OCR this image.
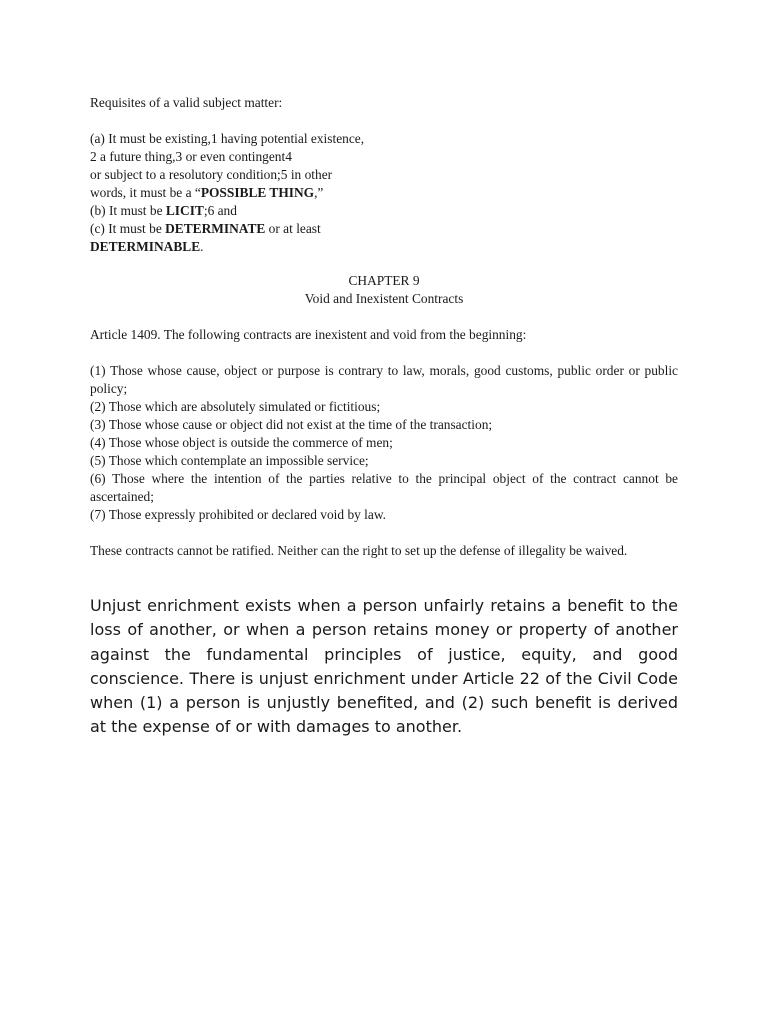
Requisites of a valid subject matter:
(a) It must be existing,1 having potential existence,
2 a future thing,3 or even contingent4
or subject to a resolutory condition;5 in other
words, it must be a “POSSIBLE THING,”
(b) It must be LICIT;6 and
(c) It must be DETERMINATE or at least
DETERMINABLE.
CHAPTER 9
Void and Inexistent Contracts
Article 1409. The following contracts are inexistent and void from the beginning:
(1) Those whose cause, object or purpose is contrary to law, morals, good customs, public order or public policy;
(2) Those which are absolutely simulated or fictitious;
(3) Those whose cause or object did not exist at the time of the transaction;
(4) Those whose object is outside the commerce of men;
(5) Those which contemplate an impossible service;
(6) Those where the intention of the parties relative to the principal object of the contract cannot be ascertained;
(7) Those expressly prohibited or declared void by law.
These contracts cannot be ratified. Neither can the right to set up the defense of illegality be waived.
Unjust enrichment exists when a person unfairly retains a benefit to the loss of another, or when a person retains money or property of another against the fundamental principles of justice, equity, and good conscience. There is unjust enrichment under Article 22 of the Civil Code when (1) a person is unjustly benefited, and (2) such benefit is derived at the expense of or with damages to another.
